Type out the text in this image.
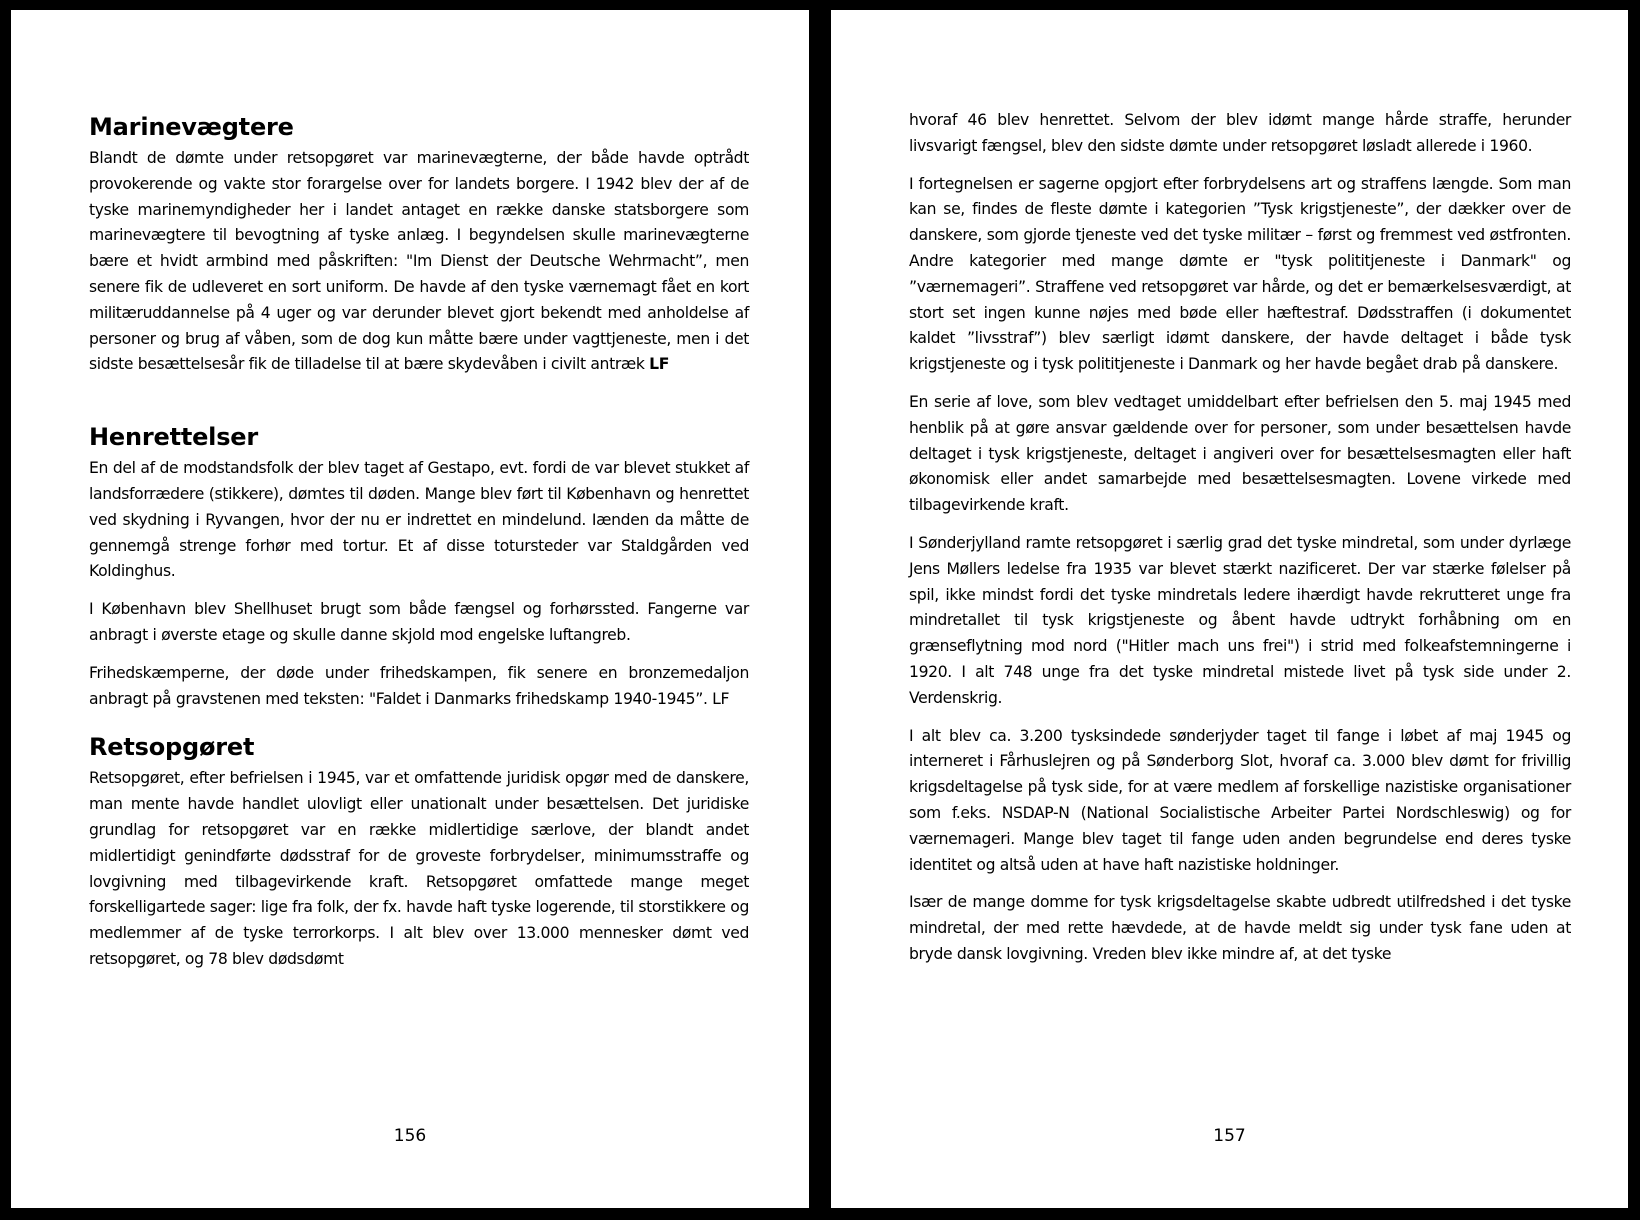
Marinevægtere

Blandt de dømte under retsopgøret var marinevægterne, der både havde optrådt provokerende og vakte stor forargelse over for landets borgere. I 1942 blev der af de tyske marinemyndigheder her i landet antaget en række danske statsborgere som marinevægtere til bevogtning af tyske anlæg. I begyndelsen skulle marinevægterne bære et hvidt armbind med påskriften: "Im Dienst der Deutsche Wehrmacht”, men senere fik de udleveret en sort uniform. De havde af den tyske værnemagt fået en kort militæruddannelse på 4 uger og var derunder blevet gjort bekendt med anholdelse af personer og brug af våben, som de dog kun måtte bære under vagttjeneste, men i det sidste besættelsesår fik de tilladelse til at bære skydevåben i civilt antræk LF

Henrettelser

En del af de modstandsfolk der blev taget af Gestapo, evt. fordi de var blevet stukket af landsforrædere (stikkere), dømtes til døden. Mange blev ført til København og henrettet ved skydning i Ryvangen, hvor der nu er indrettet en mindelund. Iænden da måtte de gennemgå strenge forhør med tortur. Et af disse totursteder var Staldgården ved Koldinghus.

I København blev Shellhuset brugt som både fængsel og forhørssted. Fangerne var anbragt i øverste etage og skulle danne skjold mod engelske luftangreb.

Frihedskæmperne, der døde under frihedskampen, fik senere en bronzemedaljon anbragt på gravstenen med teksten: "Faldet i Danmarks frihedskamp 1940-1945”. LF

Retsopgøret

Retsopgøret, efter befrielsen i 1945, var et omfattende juridisk opgør med de danskere, man mente havde handlet ulovligt eller unationalt under besættelsen. Det juridiske grundlag for retsopgøret var en række midlertidige særlove, der blandt andet midlertidigt genindførte dødsstraf for de groveste forbrydelser, minimumsstraffe og lovgivning med tilbagevirkende kraft. Retsopgøret omfattede mange meget forskelligartede sager: lige fra folk, der fx. havde haft tyske logerende, til storstikkere og medlemmer af de tyske terrorkorps. I alt blev over 13.000 mennesker dømt ved retsopgøret, og 78 blev dødsdømt

156

hvoraf 46 blev henrettet. Selvom der blev idømt mange hårde straffe, herunder livsvarigt fængsel, blev den sidste dømte under retsopgøret løsladt allerede i 1960.

I fortegnelsen er sagerne opgjort efter forbrydelsens art og straffens længde. Som man kan se, findes de fleste dømte i kategorien ”Tysk krigstjeneste”, der dækker over de danskere, som gjorde tjeneste ved det tyske militær – først og fremmest ved østfronten. Andre kategorier med mange dømte er "tysk polititjeneste i Danmark" og ”værnemageri”. Straffene ved retsopgøret var hårde, og det er bemærkelsesværdigt, at stort set ingen kunne nøjes med bøde eller hæftestraf. Dødsstraffen (i dokumentet kaldet ”livsstraf”) blev særligt idømt danskere, der havde deltaget i både tysk krigstjeneste og i tysk polititjeneste i Danmark og her havde begået drab på danskere.

En serie af love, som blev vedtaget umiddelbart efter befrielsen den 5. maj 1945 med henblik på at gøre ansvar gældende over for personer, som under besættelsen havde deltaget i tysk krigstjeneste, deltaget i angiveri over for besættelsesmagten eller haft økonomisk eller andet samarbejde med besættelsesmagten. Lovene virkede med tilbagevirkende kraft.

I Sønderjylland ramte retsopgøret i særlig grad det tyske mindretal, som under dyrlæge Jens Møllers ledelse fra 1935 var blevet stærkt nazificeret. Der var stærke følelser på spil, ikke mindst fordi det tyske mindretals ledere ihærdigt havde rekrutteret unge fra mindretallet til tysk krigstjeneste og åbent havde udtrykt forhåbning om en grænseflytning mod nord ("Hitler mach uns frei") i strid med folkeafstemningerne i 1920. I alt 748 unge fra det tyske mindretal mistede livet på tysk side under 2. Verdenskrig.

I alt blev ca. 3.200 tysksindede sønderjyder taget til fange i løbet af maj 1945 og interneret i Fårhuslejren og på Sønderborg Slot, hvoraf ca. 3.000 blev dømt for frivillig krigsdeltagelse på tysk side, for at være medlem af forskellige nazistiske organisationer som f.eks. NSDAP-N (National Socialistische Arbeiter Partei Nordschleswig) og for værnemageri. Mange blev taget til fange uden anden begrundelse end deres tyske identitet og altså uden at have haft nazistiske holdninger.

Især de mange domme for tysk krigsdeltagelse skabte udbredt utilfredshed i det tyske mindretal, der med rette hævdede, at de havde meldt sig under tysk fane uden at bryde dansk lovgivning. Vreden blev ikke mindre af, at det tyske

157
